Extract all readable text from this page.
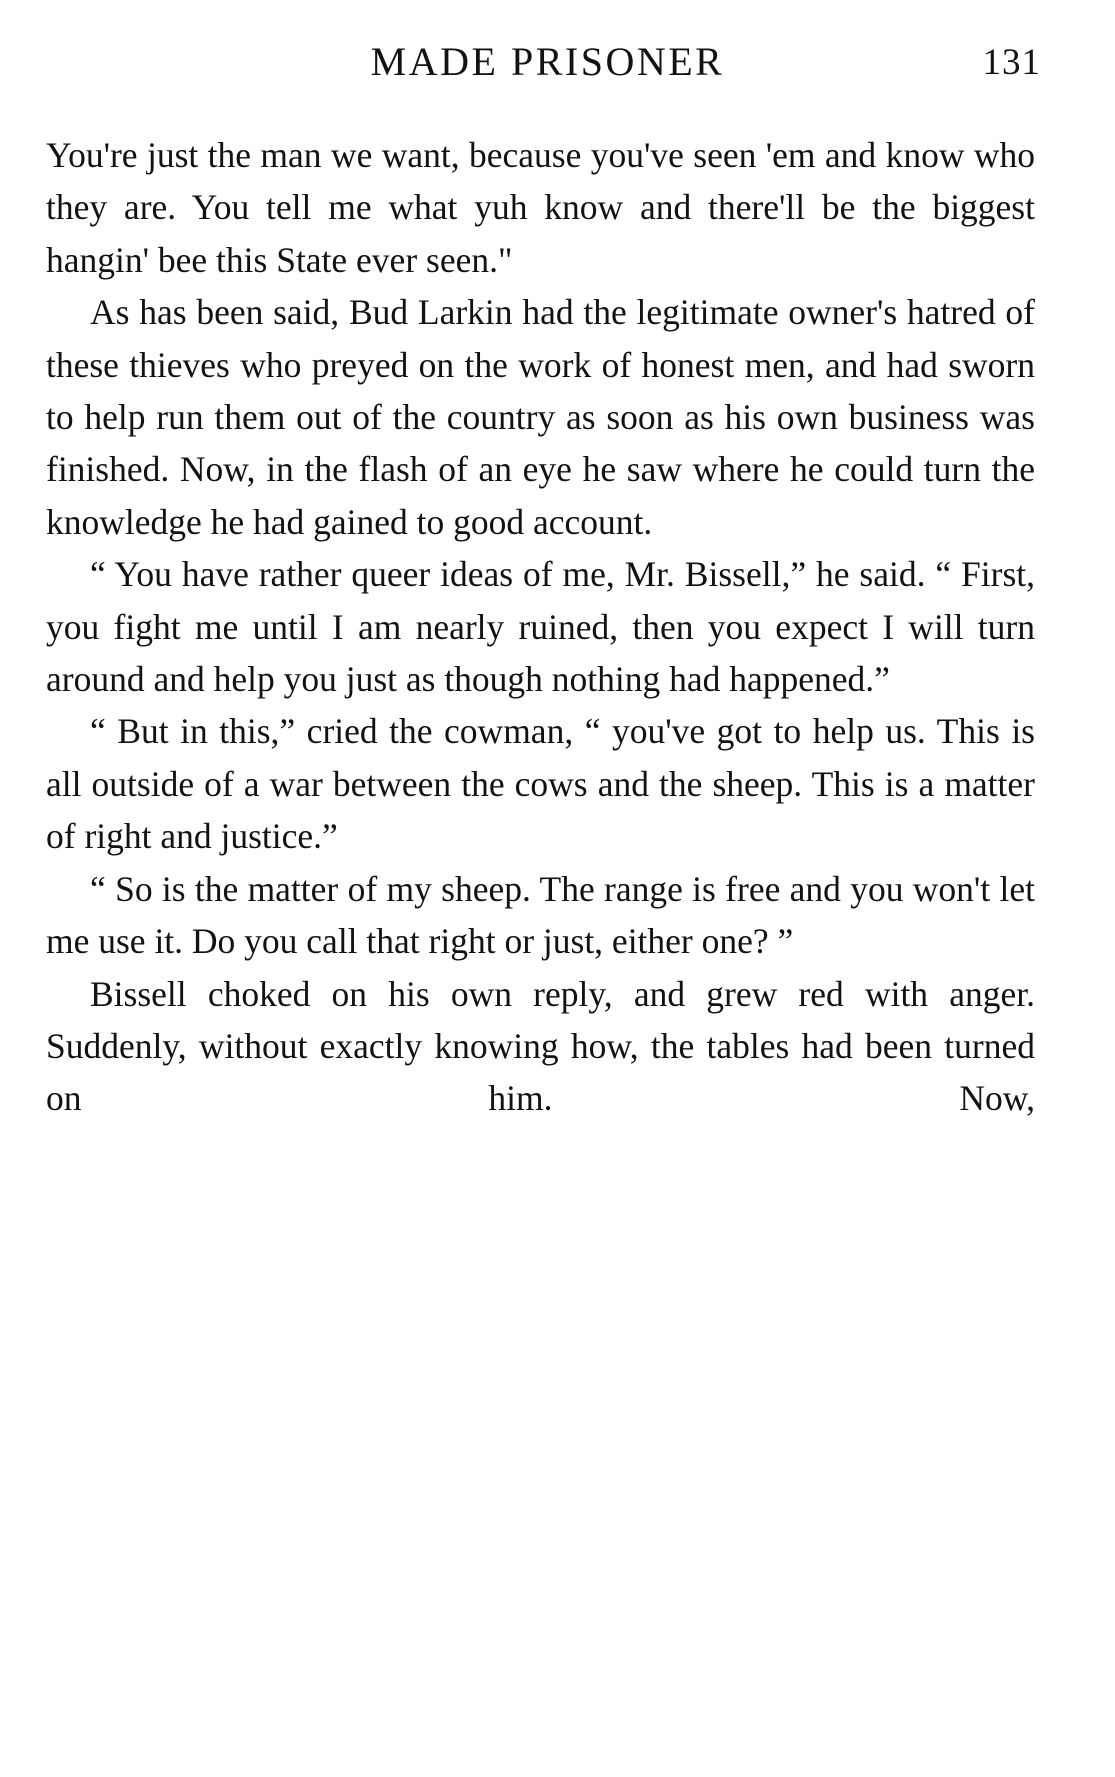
MADE PRISONER	131

You're just the man we want, because you've seen 'em and know who they are. You tell me what yuh know and there'll be the biggest hangin' bee this State ever seen."

As has been said, Bud Larkin had the legitimate owner's hatred of these thieves who preyed on the work of honest men, and had sworn to help run them out of the country as soon as his own business was finished. Now, in the flash of an eye he saw where he could turn the knowledge he had gained to good account.

“ You have rather queer ideas of me, Mr. Bissell,” he said. “ First, you fight me until I am nearly ruined, then you expect I will turn around and help you just as though nothing had happened.”

“ But in this,” cried the cowman, “ you've got to help us. This is all outside of a war between the cows and the sheep. This is a matter of right and justice.”

“ So is the matter of my sheep. The range is free and you won't let me use it. Do you call that right or just, either one? ”

Bissell choked on his own reply, and grew red with anger. Suddenly, without exactly knowing how, the tables had been turned on him. Now,
